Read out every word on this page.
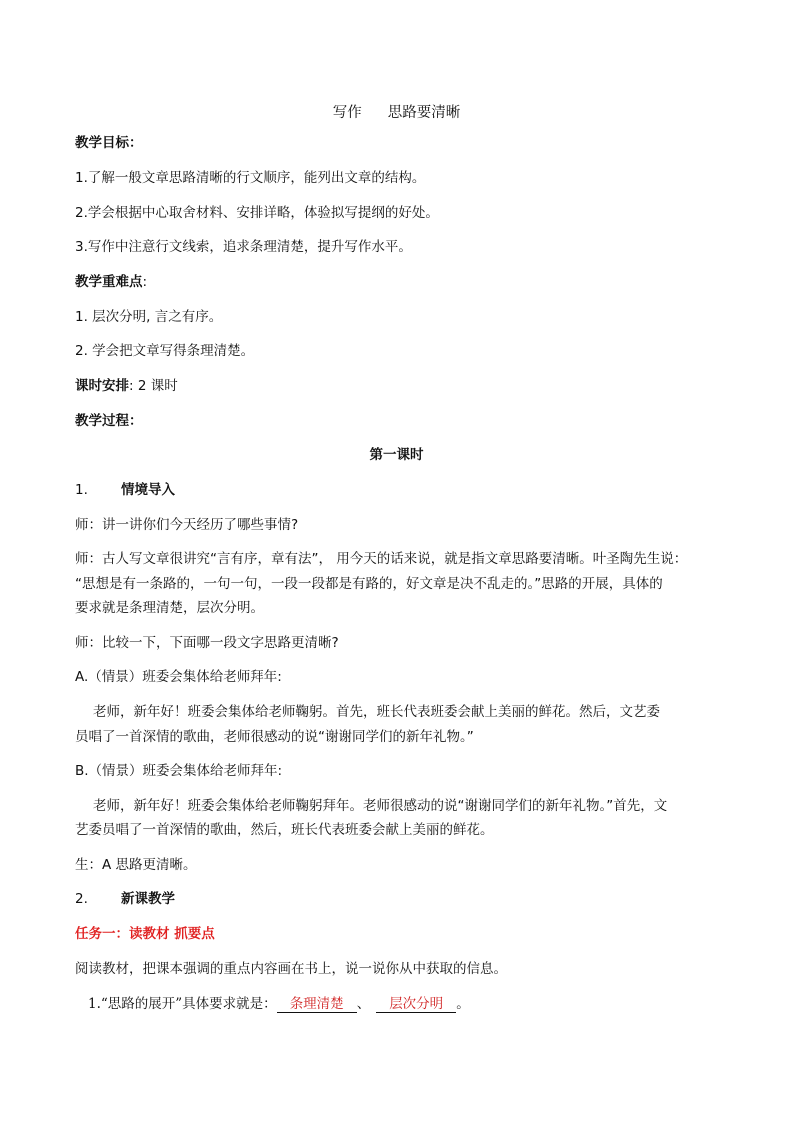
写作 思路要清晰
教学目标：
1.了解一般文章思路清晰的行文顺序，能列出文章的结构。
2.学会根据中心取舍材料、安排详略，体验拟写提纲的好处。
3.写作中注意行文线索，追求条理清楚，提升写作水平。
教学重难点:
1. 层次分明, 言之有序。
2. 学会把文章写得条理清楚。
课时安排: 2 课时
教学过程：
第一课时
1. 情境导入
师：讲一讲你们今天经历了哪些事情?
师：古人写文章很讲究“言有序，章有法”， 用今天的话来说，就是指文章思路要清晰。叶圣陶先生说：
“思想是有一条路的，一句一句，一段一段都是有路的，好文章是决不乱走的。”思路的开展，具体的
要求就是条理清楚，层次分明。
师：比较一下，下面哪一段文字思路更清晰?
A.（情景）班委会集体给老师拜年:
老师，新年好！班委会集体给老师鞠躬。首先，班长代表班委会献上美丽的鲜花。然后，文艺委
员唱了一首深情的歌曲，老师很感动的说“谢谢同学们的新年礼物。”
B.（情景）班委会集体给老师拜年:
老师，新年好！班委会集体给老师鞠躬拜年。老师很感动的说“谢谢同学们的新年礼物。”首先，文
艺委员唱了一首深情的歌曲，然后，班长代表班委会献上美丽的鲜花。
生：A 思路更清晰。
2. 新课教学
任务一：读教材 抓要点
阅读教材，把课本强调的重点内容画在书上，说一说你从中获取的信息。
1.“思路的展开”具体要求就是： 条理清楚 、 层次分明 。
